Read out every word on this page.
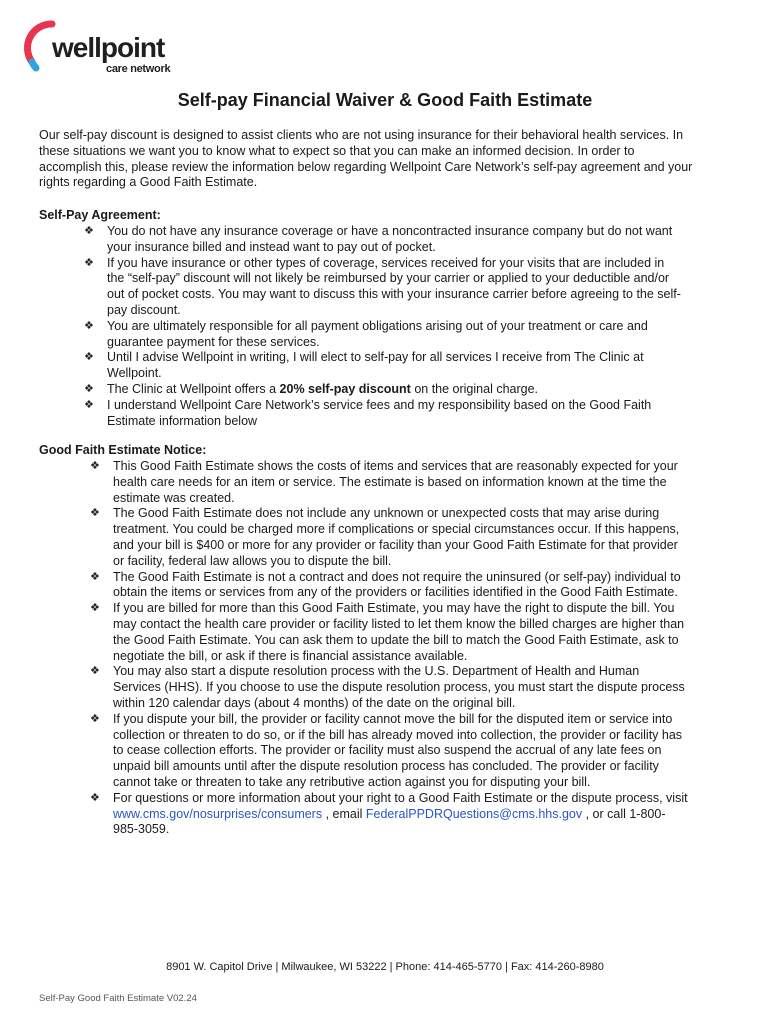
wellpoint
care network
Self-pay Financial Waiver & Good Faith Estimate

Our self-pay discount is designed to assist clients who are not using insurance for their behavioral health services. In these situations we want you to know what to expect so that you can make an informed decision. In order to accomplish this, please review the information below regarding Wellpoint Care Network’s self-pay agreement and your rights regarding a Good Faith Estimate.

Self-Pay Agreement:

❖ You do not have any insurance coverage or have a noncontracted insurance company but do not want your insurance billed and instead want to pay out of pocket.
❖ If you have insurance or other types of coverage, services received for your visits that are included in the “self-pay” discount will not likely be reimbursed by your carrier or applied to your deductible and/or out of pocket costs. You may want to discuss this with your insurance carrier before agreeing to the self-pay discount.
❖ You are ultimately responsible for all payment obligations arising out of your treatment or care and guarantee payment for these services.
❖ Until I advise Wellpoint in writing, I will elect to self-pay for all services I receive from The Clinic at Wellpoint.
❖ The Clinic at Wellpoint offers a 20% self-pay discount on the original charge.
❖ I understand Wellpoint Care Network’s service fees and my responsibility based on the Good Faith Estimate information below

Good Faith Estimate Notice:

❖ This Good Faith Estimate shows the costs of items and services that are reasonably expected for your health care needs for an item or service. The estimate is based on information known at the time the estimate was created.
❖ The Good Faith Estimate does not include any unknown or unexpected costs that may arise during treatment. You could be charged more if complications or special circumstances occur. If this happens, and your bill is $400 or more for any provider or facility than your Good Faith Estimate for that provider or facility, federal law allows you to dispute the bill.
❖ The Good Faith Estimate is not a contract and does not require the uninsured (or self-pay) individual to obtain the items or services from any of the providers or facilities identified in the Good Faith Estimate.
❖ If you are billed for more than this Good Faith Estimate, you may have the right to dispute the bill. You may contact the health care provider or facility listed to let them know the billed charges are higher than the Good Faith Estimate. You can ask them to update the bill to match the Good Faith Estimate, ask to negotiate the bill, or ask if there is financial assistance available.
❖ You may also start a dispute resolution process with the U.S. Department of Health and Human Services (HHS). If you choose to use the dispute resolution process, you must start the dispute process within 120 calendar days (about 4 months) of the date on the original bill.
❖ If you dispute your bill, the provider or facility cannot move the bill for the disputed item or service into collection or threaten to do so, or if the bill has already moved into collection, the provider or facility has to cease collection efforts. The provider or facility must also suspend the accrual of any late fees on unpaid bill amounts until after the dispute resolution process has concluded. The provider or facility cannot take or threaten to take any retributive action against you for disputing your bill.
❖ For questions or more information about your right to a Good Faith Estimate or the dispute process, visit www.cms.gov/nosurprises/consumers , email FederalPPDRQuestions@cms.hhs.gov , or call 1-800-985-3059.
8901 W. Capitol Drive | Milwaukee, WI 53222 | Phone: 414-465-5770 | Fax: 414-260-8980
Self-Pay Good Faith Estimate V02.24
